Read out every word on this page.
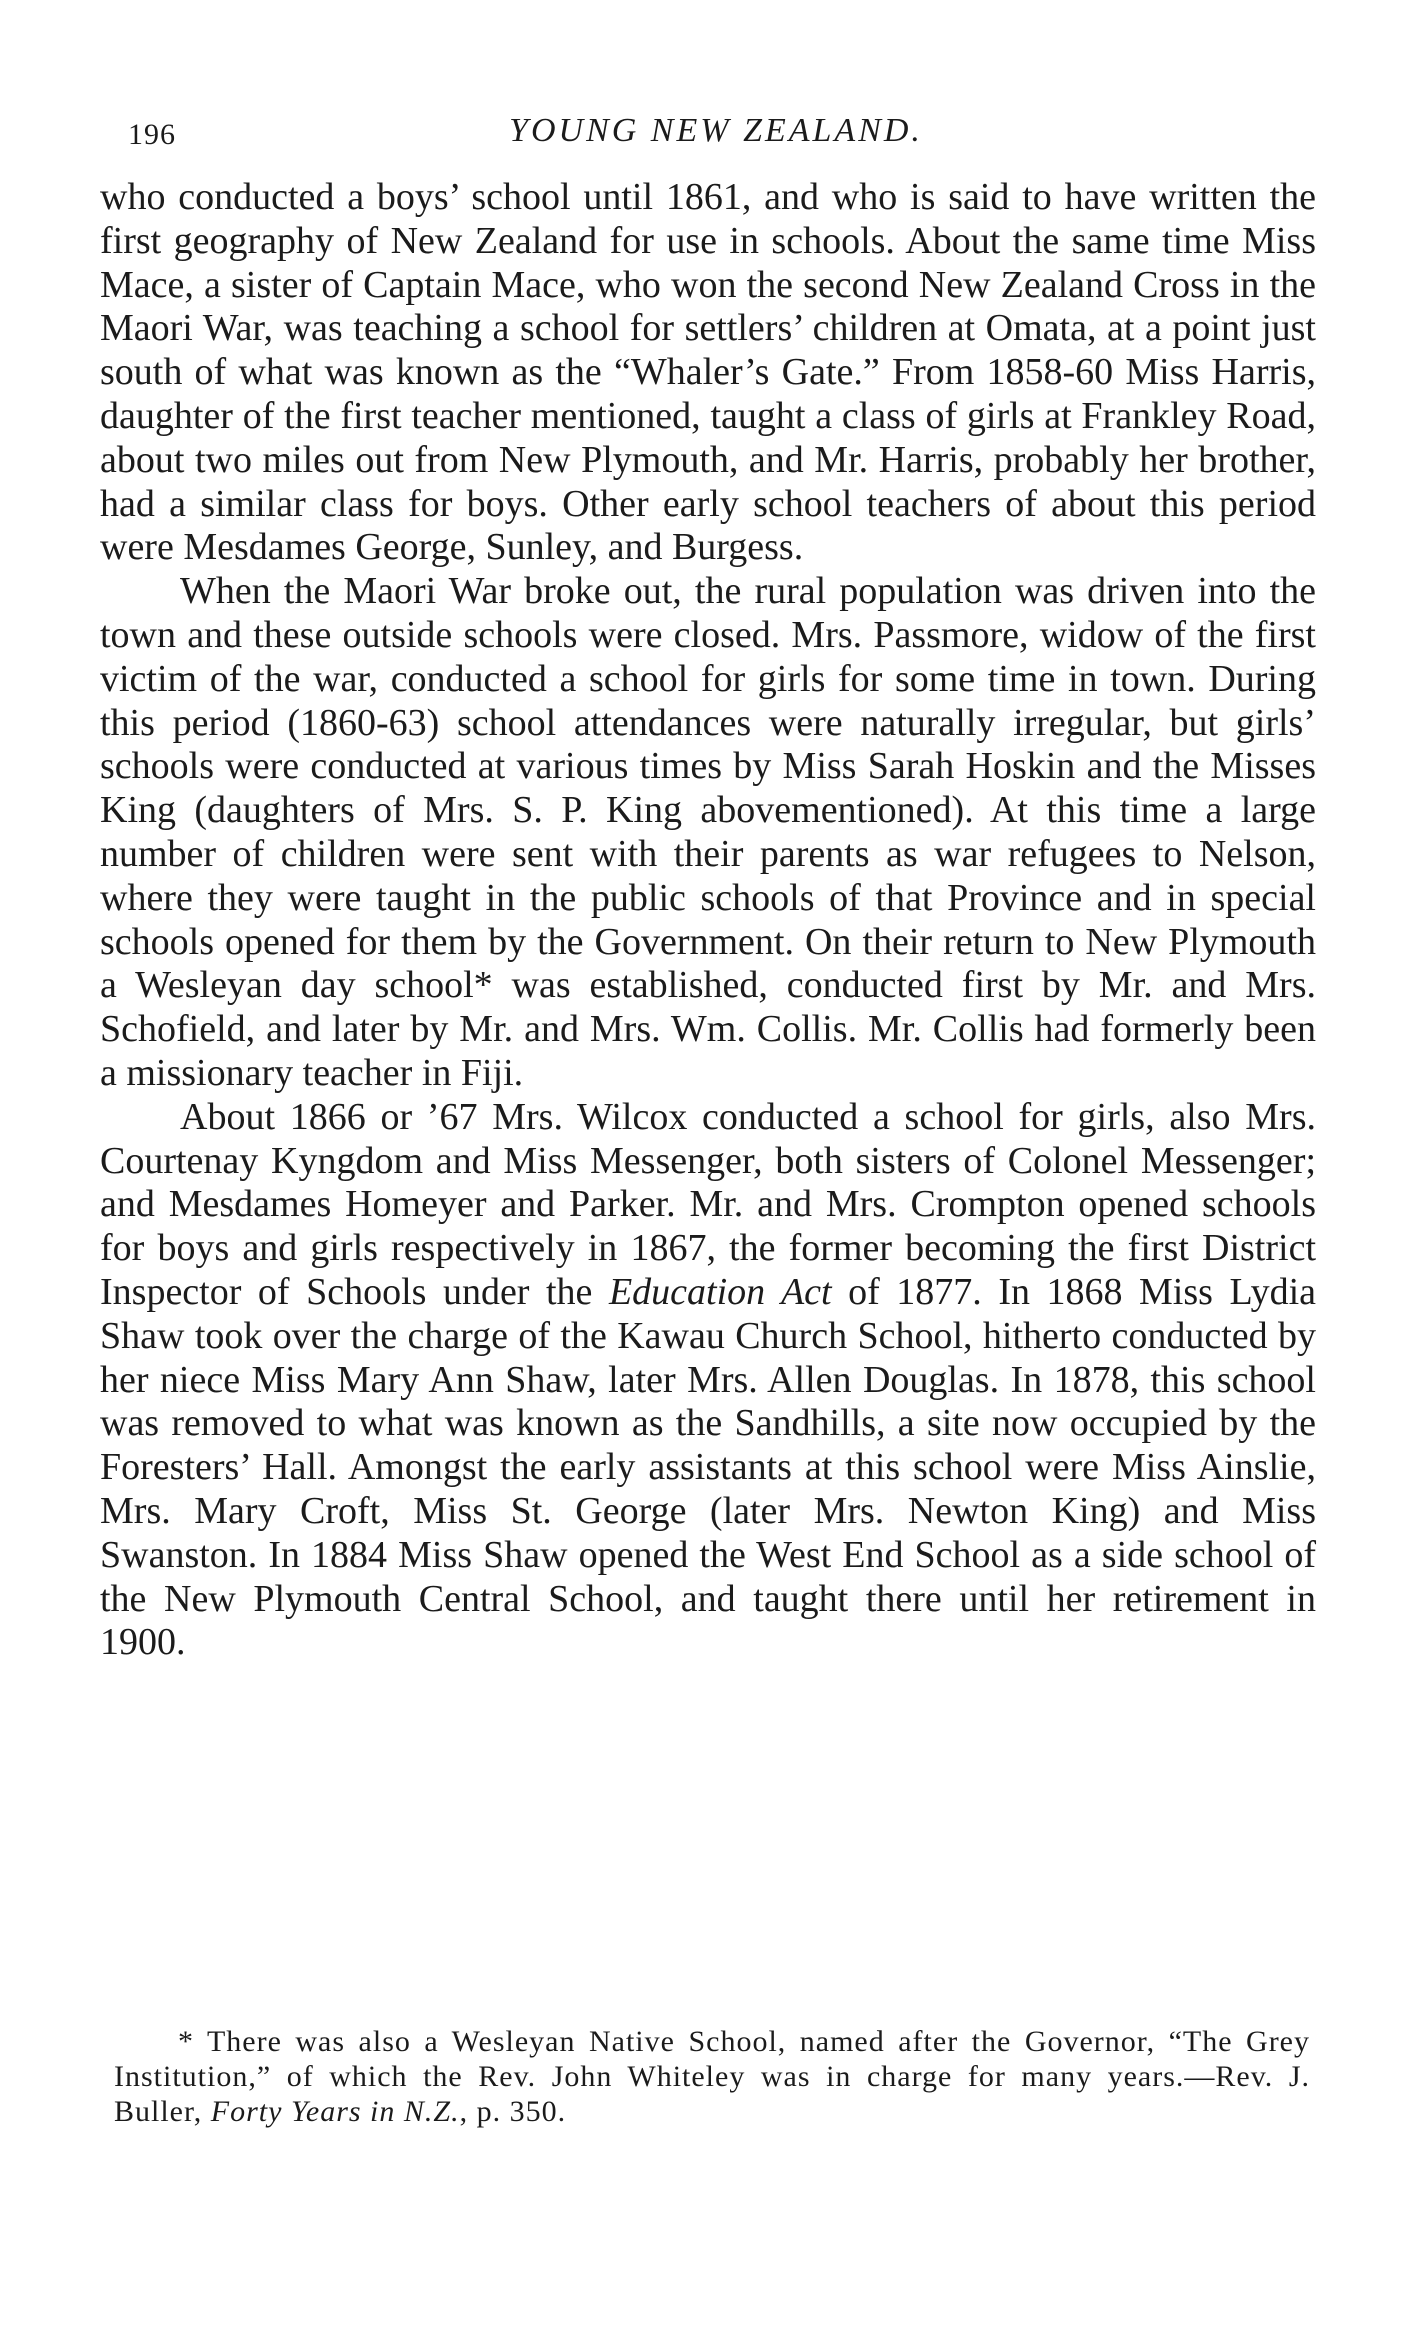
196	YOUNG NEW ZEALAND.

who conducted a boys’ school until 1861, and who is said to have written the first geography of New Zealand for use in schools. About the same time Miss Mace, a sister of Captain Mace, who won the second New Zealand Cross in the Maori War, was teaching a school for settlers’ children at Omata, at a point just south of what was known as the “Whaler’s Gate.” From 1858-60 Miss Harris, daughter of the first teacher mentioned, taught a class of girls at Frankley Road, about two miles out from New Plymouth, and Mr. Harris, probably her brother, had a similar class for boys. Other early school teachers of about this period were Mesdames George, Sunley, and Burgess.

When the Maori War broke out, the rural population was driven into the town and these outside schools were closed. Mrs. Passmore, widow of the first victim of the war, conducted a school for girls for some time in town. During this period (1860-63) school attendances were naturally irregular, but girls’ schools were conducted at various times by Miss Sarah Hoskin and the Misses King (daughters of Mrs. S. P. King abovementioned). At this time a large number of children were sent with their parents as war refugees to Nelson, where they were taught in the public schools of that Province and in special schools opened for them by the Government. On their return to New Plymouth a Wesleyan day school* was established, conducted first by Mr. and Mrs. Schofield, and later by Mr. and Mrs. Wm. Collis. Mr. Collis had formerly been a missionary teacher in Fiji.

About 1866 or ’67 Mrs. Wilcox conducted a school for girls, also Mrs. Courtenay Kyngdom and Miss Messenger, both sisters of Colonel Messenger; and Mesdames Homeyer and Parker. Mr. and Mrs. Crompton opened schools for boys and girls respectively in 1867, the former becoming the first District Inspector of Schools under the Education Act of 1877. In 1868 Miss Lydia Shaw took over the charge of the Kawau Church School, hitherto conducted by her niece Miss Mary Ann Shaw, later Mrs. Allen Douglas. In 1878, this school was removed to what was known as the Sandhills, a site now occupied by the Foresters’ Hall. Amongst the early assistants at this school were Miss Ainslie, Mrs. Mary Croft, Miss St. George (later Mrs. Newton King) and Miss Swanston. In 1884 Miss Shaw opened the West End School as a side school of the New Plymouth Central School, and taught there until her retirement in 1900.

* There was also a Wesleyan Native School, named after the Governor, “The Grey Institution,” of which the Rev. John Whiteley was in charge for many years.—Rev. J. Buller, Forty Years in N.Z., p. 350.
